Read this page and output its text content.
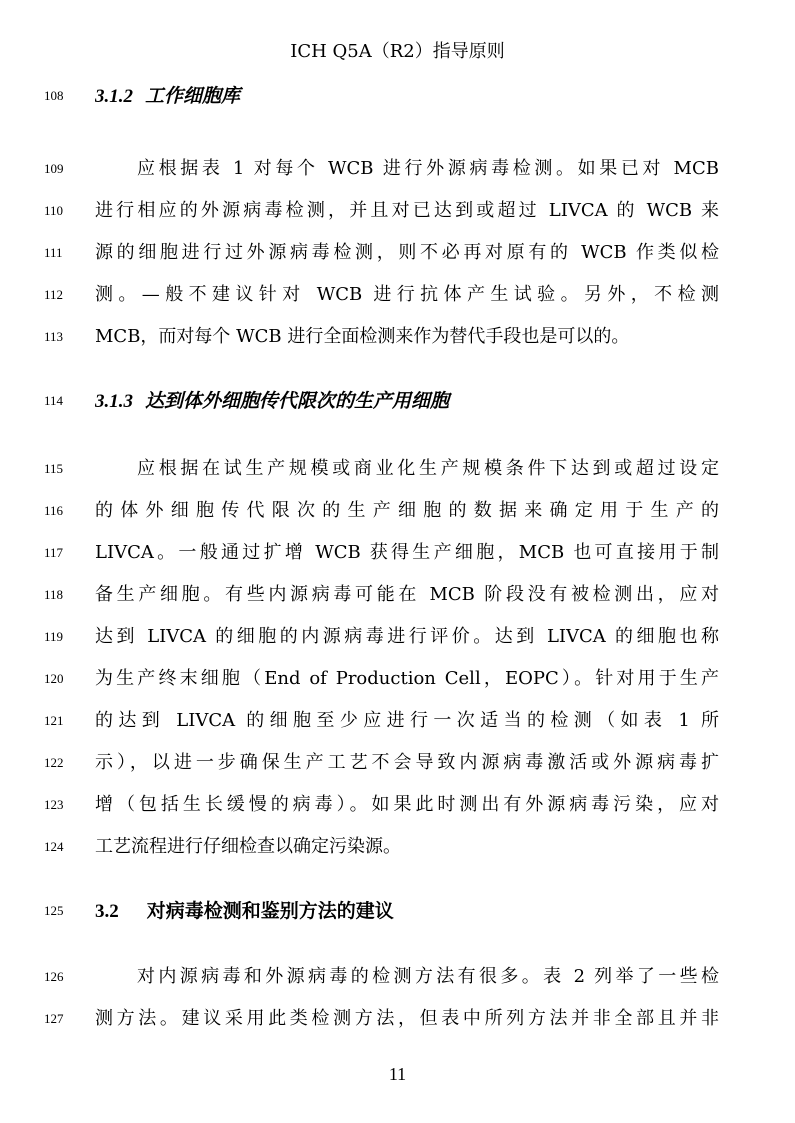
ICH Q5A（R2）指导原则
108	3.1.2 工作细胞库
109	应根据表 1 对每个 WCB 进行外源病毒检测。如果已对 MCB
110	进行相应的外源病毒检测，并且对已达到或超过 LIVCA 的 WCB 来
111	源的细胞进行过外源病毒检测，则不必再对原有的 WCB 作类似检
112	测。—般不建议针对 WCB 进行抗体产生试验。另外，不检测
113	MCB，而对每个 WCB 进行全面检测来作为替代手段也是可以的。
114	3.1.3 达到体外细胞传代限次的生产用细胞
115	应根据在试生产规模或商业化生产规模条件下达到或超过设定
116	的体外细胞传代限次的生产细胞的数据来确定用于生产的
117	LIVCA。一般通过扩增 WCB 获得生产细胞，MCB 也可直接用于制
118	备生产细胞。有些内源病毒可能在 MCB 阶段没有被检测出，应对
119	达到 LIVCA 的细胞的内源病毒进行评价。达到 LIVCA 的细胞也称
120	为生产终末细胞（End of Production Cell，EOPC）。针对用于生产
121	的达到 LIVCA 的细胞至少应进行一次适当的检测（如表 1 所
122	示），以进一步确保生产工艺不会导致内源病毒激活或外源病毒扩
123	增（包括生长缓慢的病毒）。如果此时测出有外源病毒污染，应对
124	工艺流程进行仔细检查以确定污染源。
125	3.2 对病毒检测和鉴别方法的建议
126	对内源病毒和外源病毒的检测方法有很多。表 2 列举了一些检
127	测方法。建议采用此类检测方法，但表中所列方法并非全部且并非
11
